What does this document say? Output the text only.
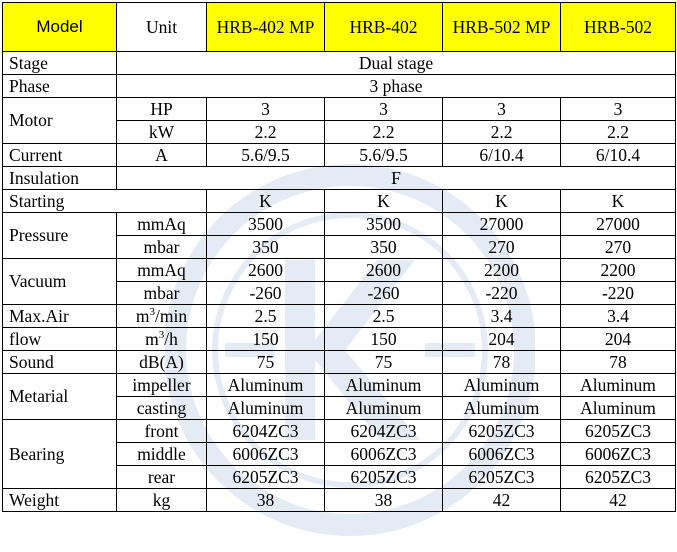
Model	Unit	HRB-402 MP	HRB-402	HRB-502 MP	HRB-502
Stage	Dual stage				
Phase	3 phase				
Motor	HP	3	3	3	3
	kW	2.2	2.2	2.2	2.2
Current	A	5.6/9.5	5.6/9.5	6/10.4	6/10.4
Insulation	F				
Starting		K	K	K	K
Pressure	mmAq	3500	3500	27000	27000
	mbar	350	350	270	270
Vacuum	mmAq	2600	2600	2200	2200
	mbar	-260	-260	-220	-220
Max.Air	$m^3/\min$	2.5	2.5	3.4	3.4
flow	$m^3/h$	150	150	204	204
Sound	dB(A)	75	75	78	78
Metarial	impeller	Aluminum	Aluminum	Aluminum	Aluminum
	casting	Aluminum	Aluminum	Aluminum	Aluminum
Bearing	front	6204ZC3	6204ZC3	6205ZC3	6205ZC3
	middle	6006ZC3	6006ZC3	6006ZC3	6006ZC3
	rear	6205ZC3	6205ZC3	6205ZC3	6205ZC3
Weight	kg	38	38	42	42
